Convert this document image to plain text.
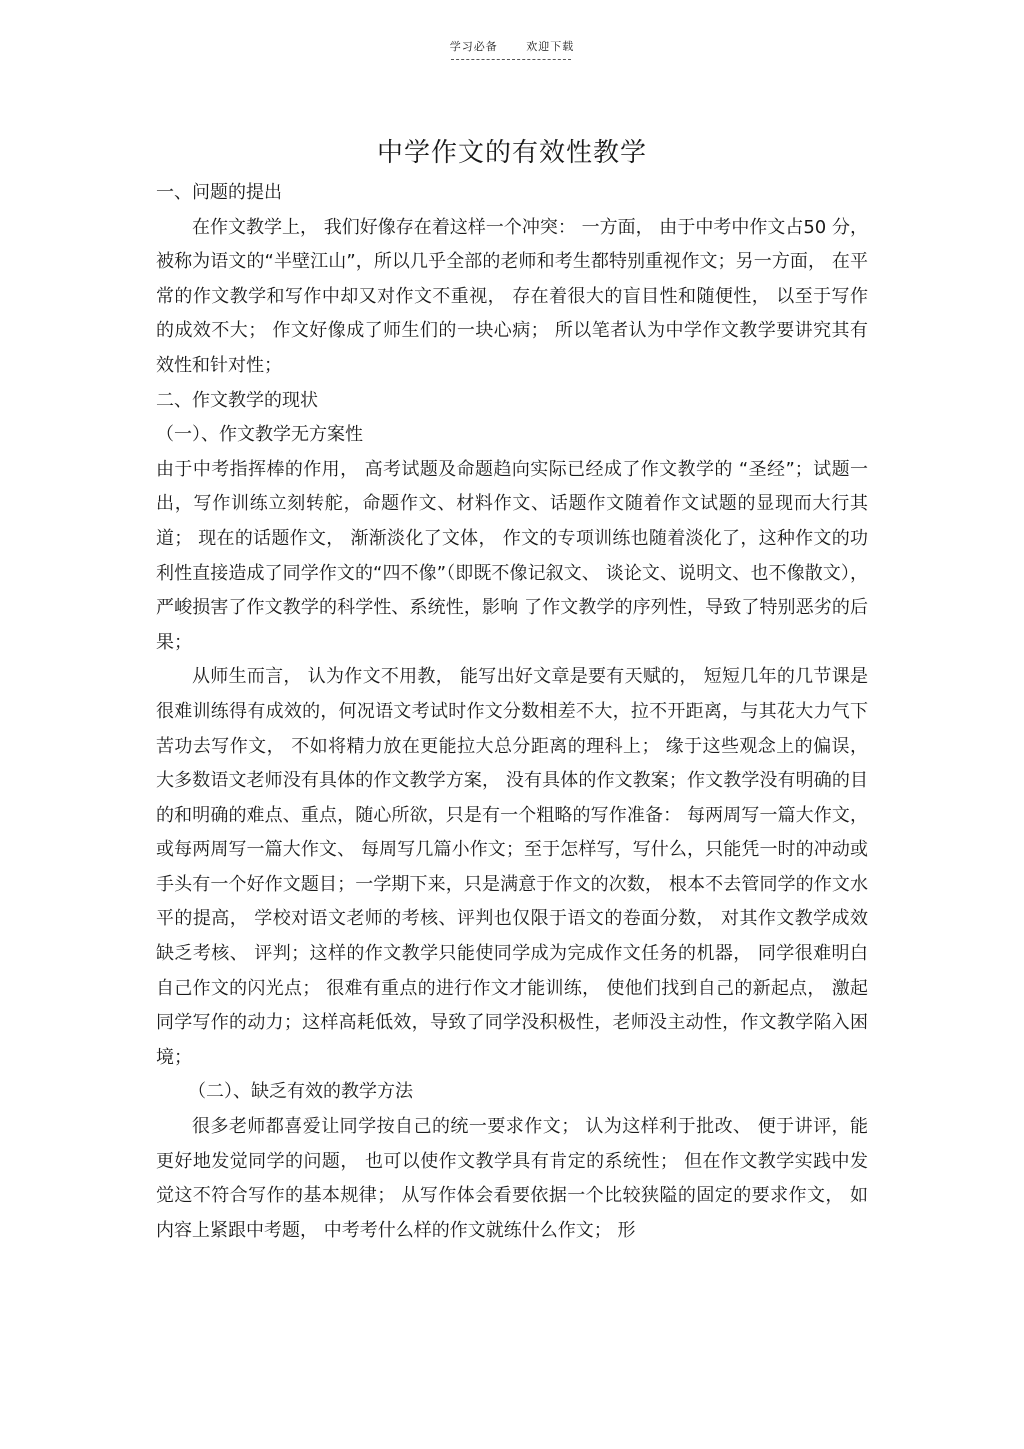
学习必备	欢迎下载
中学作文的有效性教学

一、问题的提出

在作文教学上， 我们好像存在着这样一个冲突： 一方面， 由于中考中作文占50 分，被称为语文的“半壁江山”，所以几乎全部的老师和考生都特别重视作文；另一方面， 在平常的作文教学和写作中却又对作文不重视， 存在着很大的盲目性和随便性， 以至于写作的成效不大； 作文好像成了师生们的一块心病； 所以笔者认为中学作文教学要讲究其有效性和针对性；

二、作文教学的现状

（一）、作文教学无方案性

由于中考指挥棒的作用， 高考试题及命题趋向实际已经成了作文教学的 “圣经”；试题一出，写作训练立刻转舵，命题作文、材料作文、话题作文随着作文试题的显现而大行其道； 现在的话题作文， 渐渐淡化了文体， 作文的专项训练也随着淡化了，这种作文的功利性直接造成了同学作文的“四不像”（即既不像记叙文、 谈论文、说明文、也不像散文），严峻损害了作文教学的科学性、系统性，影响 了作文教学的序列性，导致了特别恶劣的后果；

从师生而言， 认为作文不用教， 能写出好文章是要有天赋的， 短短几年的几节课是很难训练得有成效的，何况语文考试时作文分数相差不大，拉不开距离，与其花大力气下苦功去写作文， 不如将精力放在更能拉大总分距离的理科上； 缘于这些观念上的偏误， 大多数语文老师没有具体的作文教学方案， 没有具体的作文教案；作文教学没有明确的目的和明确的难点、重点，随心所欲，只是有一个粗略的写作准备： 每两周写一篇大作文， 或每两周写一篇大作文、 每周写几篇小作文；至于怎样写，写什么，只能凭一时的冲动或手头有一个好作文题目；一学期下来，只是满意于作文的次数， 根本不去管同学的作文水平的提高， 学校对语文老师的考核、评判也仅限于语文的卷面分数， 对其作文教学成效缺乏考核、 评判；这样的作文教学只能使同学成为完成作文任务的机器， 同学很难明白自己作文的闪光点； 很难有重点的进行作文才能训练， 使他们找到自己的新起点， 激起同学写作的动力；这样高耗低效，导致了同学没积极性，老师没主动性，作文教学陷入困境；

（二）、缺乏有效的教学方法

很多老师都喜爱让同学按自己的统一要求作文； 认为这样利于批改、 便于讲评，能更好地发觉同学的问题， 也可以使作文教学具有肯定的系统性； 但在作文教学实践中发觉这不符合写作的基本规律； 从写作体会看要依据一个比较狭隘的固定的要求作文， 如内容上紧跟中考题， 中考考什么样的作文就练什么作文； 形
